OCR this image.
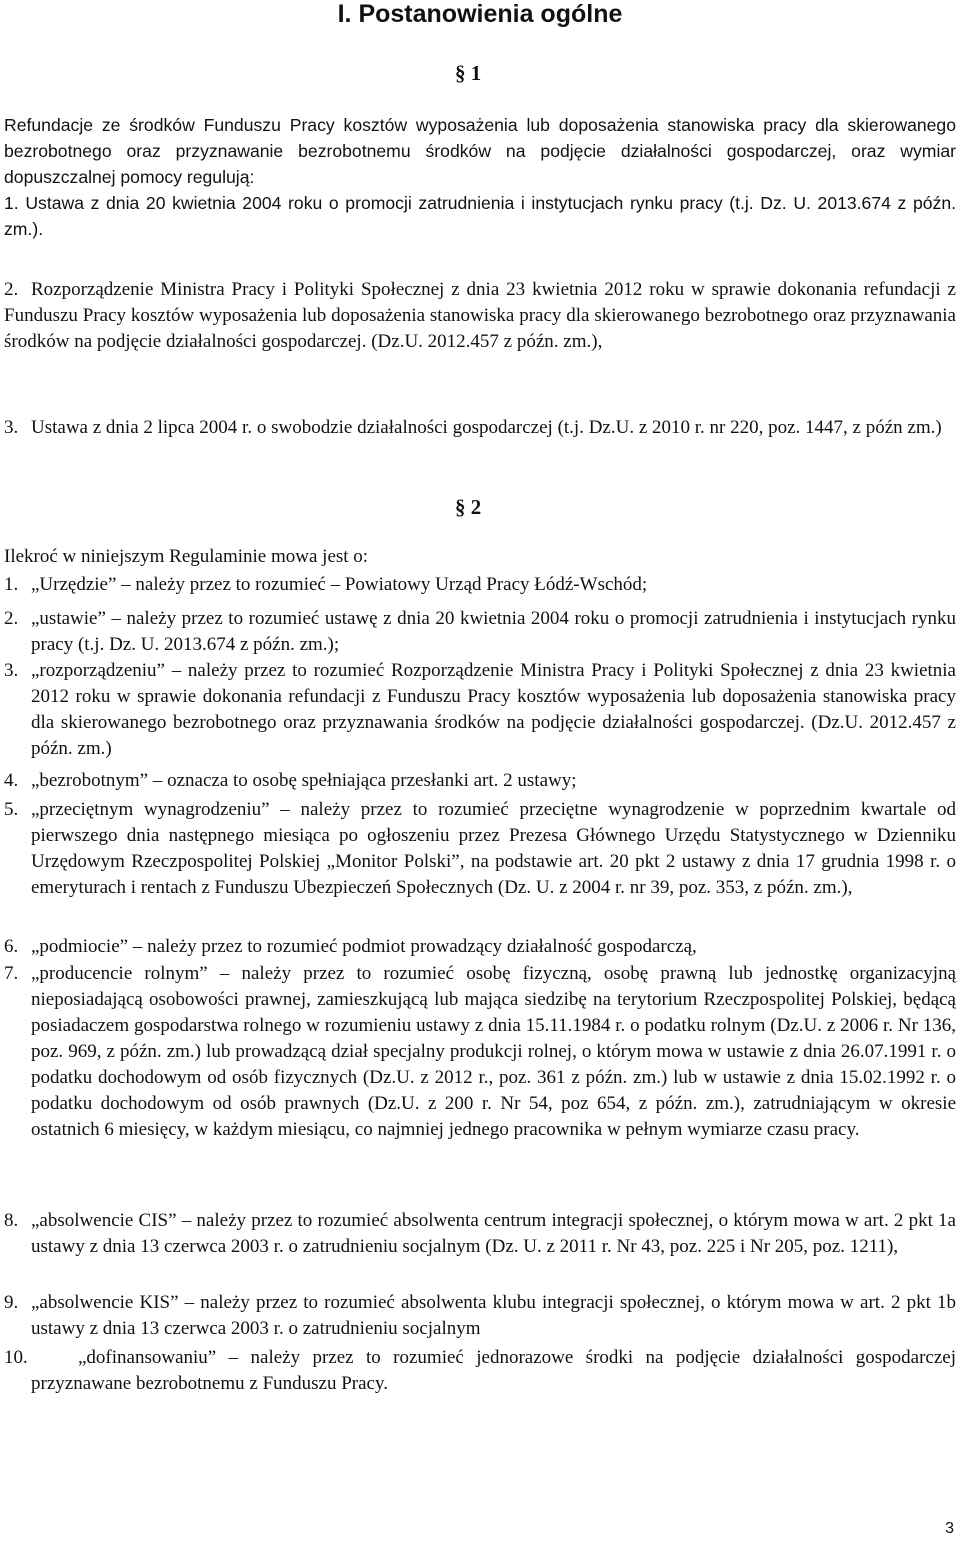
I. Postanowienia ogólne
§ 1
Refundacje ze środków Funduszu Pracy kosztów wyposażenia lub doposażenia stanowiska pracy dla skierowanego bezrobotnego oraz przyznawanie bezrobotnemu środków na podjęcie działalności gospodarczej, oraz wymiar dopuszczalnej pomocy regulują:
1. Ustawa z dnia 20 kwietnia 2004 roku o promocji zatrudnienia i instytucjach rynku pracy (t.j. Dz. U. 2013.674 z późn. zm.).
2. Rozporządzenie Ministra Pracy i Polityki Społecznej z dnia 23 kwietnia 2012 roku w sprawie dokonania refundacji z Funduszu Pracy kosztów wyposażenia lub doposażenia stanowiska pracy dla skierowanego bezrobotnego oraz przyznawania środków na podjęcie działalności gospodarczej. (Dz.U. 2012.457 z późn. zm.),
3. Ustawa z dnia 2 lipca 2004 r. o swobodzie działalności gospodarczej (t.j. Dz.U. z 2010 r. nr 220, poz. 1447, z późn zm.)
§ 2
Ilekroć w niniejszym Regulaminie mowa jest o:
1. „Urzędzie” – należy przez to rozumieć – Powiatowy Urząd Pracy Łódź-Wschód;
2. „ustawie” – należy przez to rozumieć ustawę z dnia 20 kwietnia 2004 roku o promocji zatrudnienia i instytucjach rynku pracy (t.j. Dz. U. 2013.674 z późn. zm.);
3. „rozporządzeniu” – należy przez to rozumieć Rozporządzenie Ministra Pracy i Polityki Społecznej z dnia 23 kwietnia 2012 roku w sprawie dokonania refundacji z Funduszu Pracy kosztów wyposażenia lub doposażenia stanowiska pracy dla skierowanego bezrobotnego oraz przyznawania środków na podjęcie działalności gospodarczej. (Dz.U. 2012.457 z późn. zm.)
4. „bezrobotnym” – oznacza to osobę spełniająca przesłanki art. 2 ustawy;
5. „przeciętnym wynagrodzeniu” – należy przez to rozumieć przeciętne wynagrodzenie w poprzednim kwartale od pierwszego dnia następnego miesiąca po ogłoszeniu przez Prezesa Głównego Urzędu Statystycznego w Dzienniku Urzędowym Rzeczpospolitej Polskiej „Monitor Polski”, na podstawie art. 20 pkt 2 ustawy z dnia 17 grudnia 1998 r. o emeryturach i rentach z Funduszu Ubezpieczeń Społecznych (Dz. U. z 2004 r. nr 39, poz. 353, z późn. zm.),
6. „podmiocie” – należy przez to rozumieć podmiot prowadzący działalność gospodarczą,
7. „producencie rolnym” – należy przez to rozumieć osobę fizyczną, osobę prawną lub jednostkę organizacyjną nieposiadającą osobowości prawnej, zamieszkującą lub mająca siedzibę na terytorium Rzeczpospolitej Polskiej, będącą posiadaczem gospodarstwa rolnego w rozumieniu ustawy z dnia 15.11.1984 r. o podatku rolnym (Dz.U. z 2006 r. Nr 136, poz. 969, z późn. zm.) lub prowadzącą dział specjalny produkcji rolnej, o którym mowa w ustawie z dnia 26.07.1991 r. o podatku dochodowym od osób fizycznych (Dz.U. z 2012 r., poz. 361 z późn. zm.) lub w ustawie z dnia 15.02.1992 r. o podatku dochodowym od osób prawnych (Dz.U. z 200 r. Nr 54, poz 654, z późn. zm.), zatrudniającym w okresie ostatnich 6 miesięcy, w każdym miesiącu, co najmniej jednego pracownika w pełnym wymiarze czasu pracy.
8. „absolwencie CIS” – należy przez to rozumieć absolwenta centrum integracji społecznej, o którym mowa w art. 2 pkt 1a ustawy z dnia 13 czerwca 2003 r. o zatrudnieniu socjalnym (Dz. U. z 2011 r. Nr 43, poz. 225 i Nr 205, poz. 1211),
9. „absolwencie KIS” – należy przez to rozumieć absolwenta klubu integracji społecznej, o którym mowa w art. 2 pkt 1b ustawy z dnia 13 czerwca 2003 r. o zatrudnieniu socjalnym
10.	„dofinansowaniu” – należy przez to rozumieć jednorazowe środki na podjęcie działalności gospodarczej przyznawane bezrobotnemu z Funduszu Pracy.
3
